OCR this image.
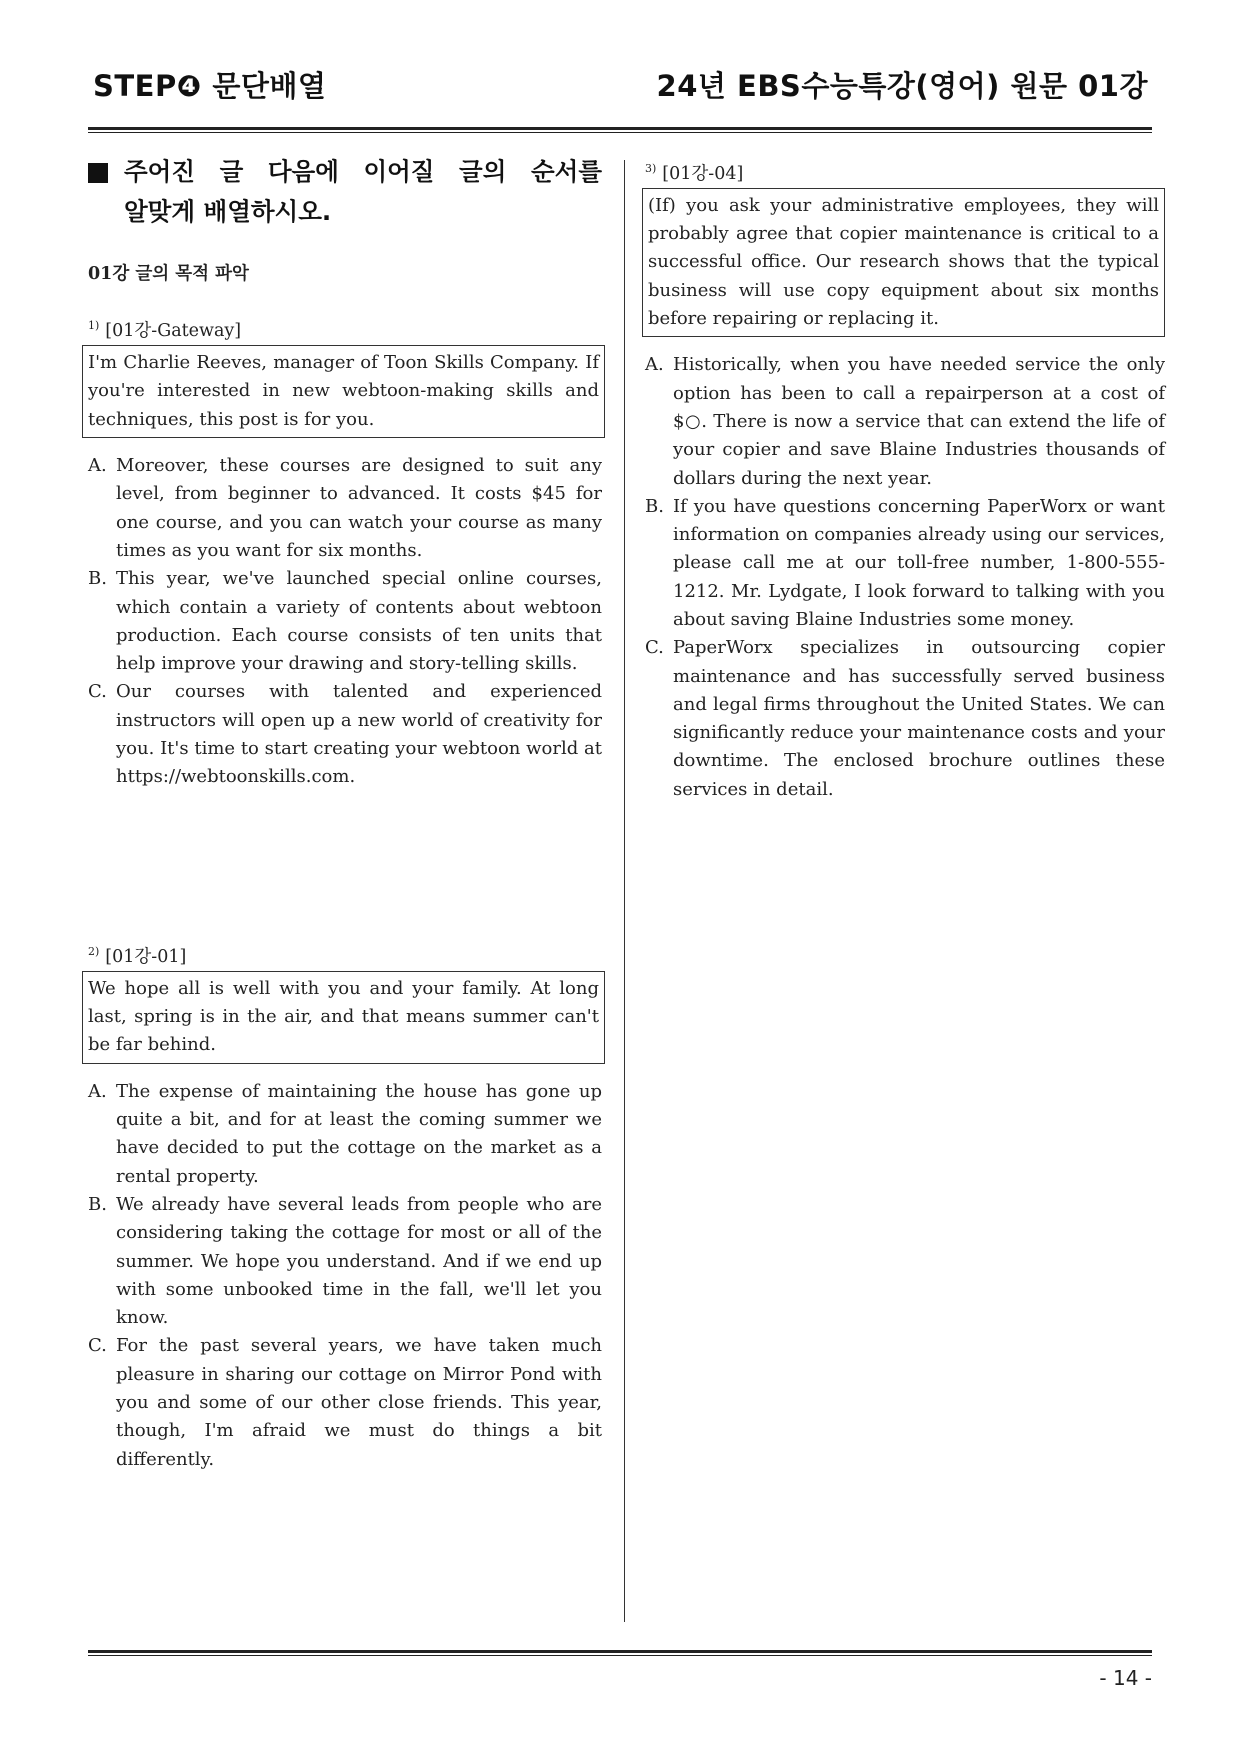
STEP❹ 문단배열	24년 EBS수능특강(영어) 원문 01강
주어진 글 다음에 이어질 글의 순서를
알맞게 배열하시오.
01강 글의 목적 파악
$^{1)}$ [01강-Gateway]
I'm Charlie Reeves, manager of Toon Skills Company. If you're interested in new webtoon-making skills and techniques, this post is for you.
A. Moreover, these courses are designed to suit any level, from beginner to advanced. It costs $45 for one course, and you can watch your course as many times as you want for six months.
B. This year, we've launched special online courses, which contain a variety of contents about webtoon production. Each course consists of ten units that help improve your drawing and story-telling skills.
C. Our courses with talented and experienced instructors will open up a new world of creativity for you. It's time to start creating your webtoon world at https://webtoonskills.com.
$^{2)}$ [01강-01]
We hope all is well with you and your family. At long last, spring is in the air, and that means summer can't be far behind.
A. The expense of maintaining the house has gone up quite a bit, and for at least the coming summer we have decided to put the cottage on the market as a rental property.
B. We already have several leads from people who are considering taking the cottage for most or all of the summer. We hope you understand. And if we end up with some unbooked time in the fall, we'll let you know.
C. For the past several years, we have taken much pleasure in sharing our cottage on Mirror Pond with you and some of our other close friends. This year, though, I'm afraid we must do things a bit differently.
$^{3)}$ [01강-04]
(If) you ask your administrative employees, they will probably agree that copier maintenance is critical to a successful office. Our research shows that the typical business will use copy equipment about six months before repairing or replacing it.
A. Historically, when you have needed service the only option has been to call a repairperson at a cost of $○. There is now a service that can extend the life of your copier and save Blaine Industries thousands of dollars during the next year.
B. If you have questions concerning PaperWorx or want information on companies already using our services, please call me at our toll-free number, 1-800-555-1212. Mr. Lydgate, I look forward to talking with you about saving Blaine Industries some money.
C. PaperWorx specializes in outsourcing copier maintenance and has successfully served business and legal firms throughout the United States. We can significantly reduce your maintenance costs and your downtime. The enclosed brochure outlines these services in detail.
- 14 -
